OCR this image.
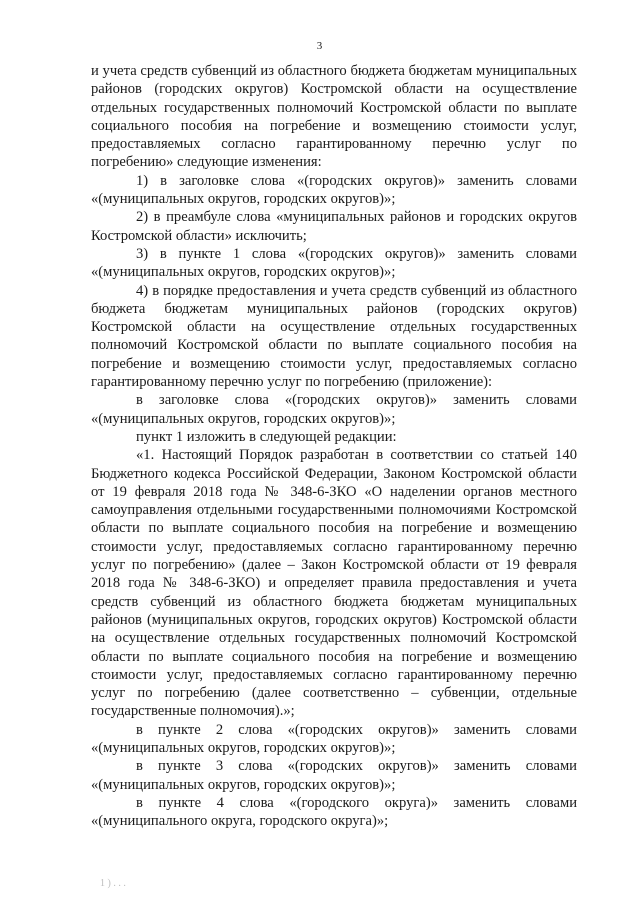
3

и учета средств субвенций из областного бюджета бюджетам муниципальных районов (городских округов) Костромской области на осуществление отдельных государственных полномочий Костромской области по выплате социального пособия на погребение и возмещению стоимости услуг, предоставляемых согласно гарантированному перечню услуг по погребению» следующие изменения:

1) в заголовке слова «(городских округов)» заменить словами «(муниципальных округов, городских округов)»;

2) в преамбуле слова «муниципальных районов и городских округов Костромской области» исключить;

3) в пункте 1 слова «(городских округов)» заменить словами «(муниципальных округов, городских округов)»;

4) в порядке предоставления и учета средств субвенций из областного бюджета бюджетам муниципальных районов (городских округов) Костромской области на осуществление отдельных государственных полномочий Костромской области по выплате социального пособия на погребение и возмещению стоимости услуг, предоставляемых согласно гарантированному перечню услуг по погребению (приложение):

в заголовке слова «(городских округов)» заменить словами «(муниципальных округов, городских округов)»;

пункт 1 изложить в следующей редакции:

«1. Настоящий Порядок разработан в соответствии со статьей 140 Бюджетного кодекса Российской Федерации, Законом Костромской области от 19 февраля 2018 года № 348-6-ЗКО «О наделении органов местного самоуправления отдельными государственными полномочиями Костромской области по выплате социального пособия на погребение и возмещению стоимости услуг, предоставляемых согласно гарантированному перечню услуг по погребению» (далее – Закон Костромской области от 19 февраля 2018 года № 348-6-ЗКО) и определяет правила предоставления и учета средств субвенций из областного бюджета бюджетам муниципальных районов (муниципальных округов, городских округов) Костромской области на осуществление отдельных государственных полномочий Костромской области по выплате социального пособия на погребение и возмещению стоимости услуг, предоставляемых согласно гарантированному перечню услуг по погребению (далее соответственно – субвенции, отдельные государственные полномочия).»;

в пункте 2 слова «(городских округов)» заменить словами «(муниципальных округов, городских округов)»;

в пункте 3 слова «(городских округов)» заменить словами «(муниципальных округов, городских округов)»;

в пункте 4 слова «(городского округа)» заменить словами «(муниципального округа, городского округа)»;

1 ) . . .
